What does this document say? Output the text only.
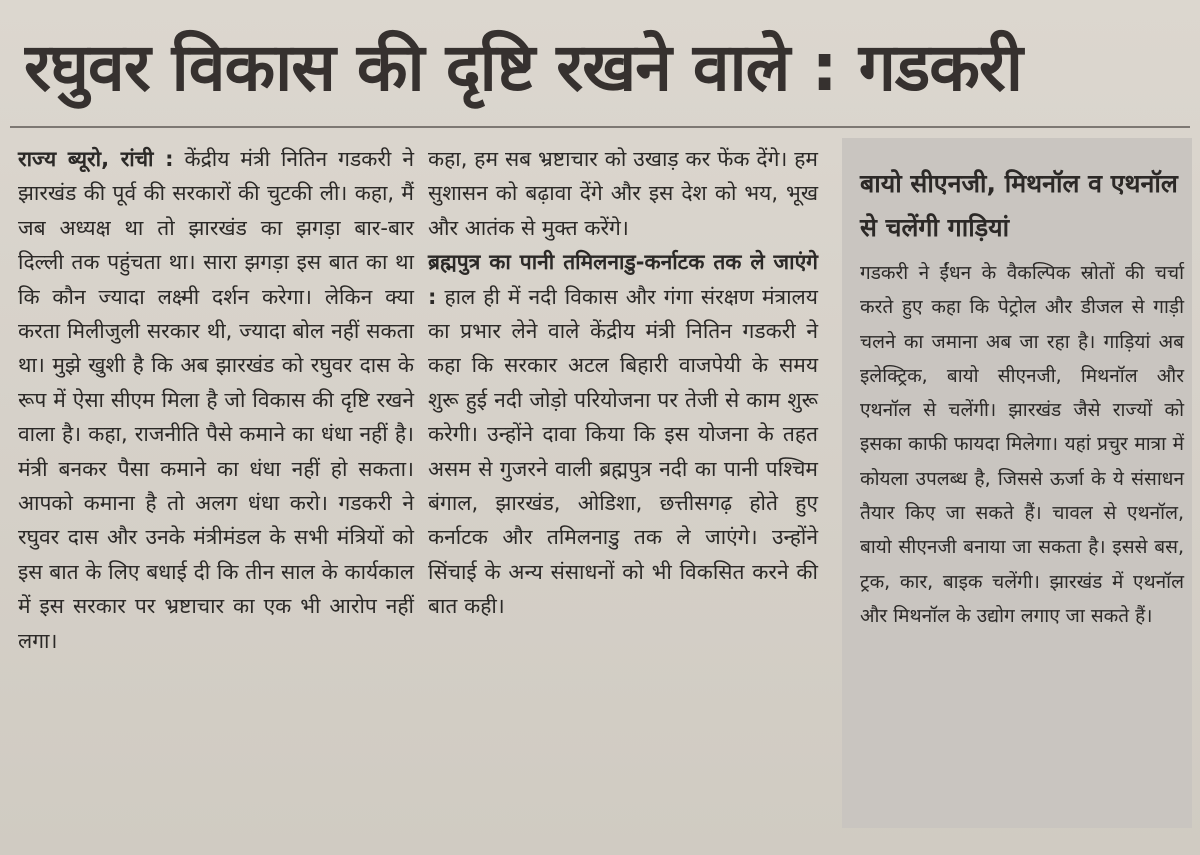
रघुवर विकास की दृष्टि रखने वाले : गडकरी

राज्य ब्यूरो, रांची : केंद्रीय मंत्री नितिन गडकरी ने झारखंड की पूर्व की सरकारों की चुटकी ली। कहा, मैं जब अध्यक्ष था तो झारखंड का झगड़ा बार-बार दिल्ली तक पहुंचता था। सारा झगड़ा इस बात का था कि कौन ज्यादा लक्ष्मी दर्शन करेगा। लेकिन क्या करता मिलीजुली सरकार थी, ज्यादा बोल नहीं सकता था। मुझे खुशी है कि अब झारखंड को रघुवर दास के रूप में ऐसा सीएम मिला है जो विकास की दृष्टि रखने वाला है। कहा, राजनीति पैसे कमाने का धंधा नहीं है। मंत्री बनकर पैसा कमाने का धंधा नहीं हो सकता। आपको कमाना है तो अलग धंधा करो। गडकरी ने रघुवर दास और उनके मंत्रीमंडल के सभी मंत्रियों को इस बात के लिए बधाई दी कि तीन साल के कार्यकाल में इस सरकार पर भ्रष्टाचार का एक भी आरोप नहीं लगा।

कहा, हम सब भ्रष्टाचार को उखाड़ कर फेंक देंगे। हम सुशासन को बढ़ावा देंगे और इस देश को भय, भूख और आतंक से मुक्त करेंगे।

ब्रह्मपुत्र का पानी तमिलनाडु-कर्नाटक तक ले जाएंगे : हाल ही में नदी विकास और गंगा संरक्षण मंत्रालय का प्रभार लेने वाले केंद्रीय मंत्री नितिन गडकरी ने कहा कि सरकार अटल बिहारी वाजपेयी के समय शुरू हुई नदी जोड़ो परियोजना पर तेजी से काम शुरू करेगी। उन्होंने दावा किया कि इस योजना के तहत असम से गुजरने वाली ब्रह्मपुत्र नदी का पानी पश्चिम बंगाल, झारखंड, ओडिशा, छत्तीसगढ़ होते हुए कर्नाटक और तमिलनाडु तक ले जाएंगे। उन्होंने सिंचाई के अन्य संसाधनों को भी विकसित करने की बात कही।

बायो सीएनजी, मिथनॉल व एथनॉल से चलेंगी गाड़ियां

गडकरी ने ईंधन के वैकल्पिक स्रोतों की चर्चा करते हुए कहा कि पेट्रोल और डीजल से गाड़ी चलने का जमाना अब जा रहा है। गाड़ियां अब इलेक्ट्रिक, बायो सीएनजी, मिथनॉल और एथनॉल से चलेंगी। झारखंड जैसे राज्यों को इसका काफी फायदा मिलेगा। यहां प्रचुर मात्रा में कोयला उपलब्ध है, जिससे ऊर्जा के ये संसाधन तैयार किए जा सकते हैं। चावल से एथनॉल, बायो सीएनजी बनाया जा सकता है। इससे बस, ट्रक, कार, बाइक चलेंगी। झारखंड में एथनॉल और मिथनॉल के उद्योग लगाए जा सकते हैं।
